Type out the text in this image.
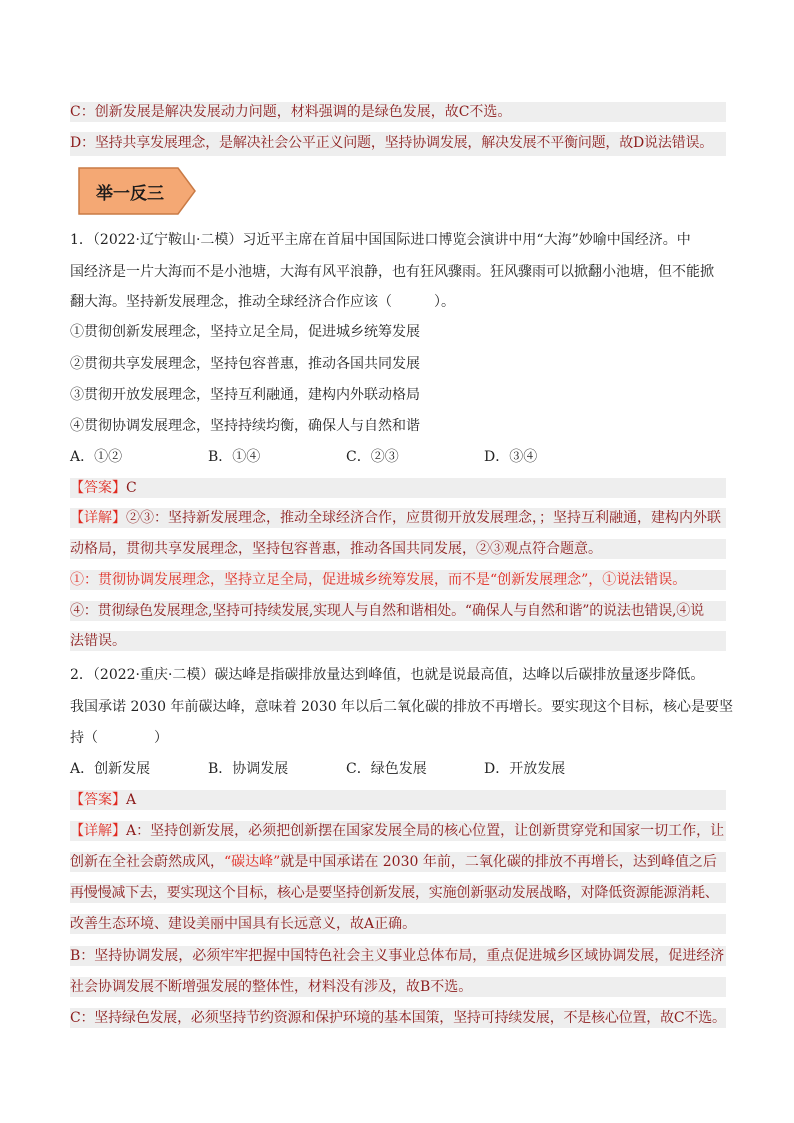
C：创新发展是解决发展动力问题，材料强调的是绿色发展，故C不选。
D：坚持共享发展理念，是解决社会公平正义问题，坚持协调发展，解决发展不平衡问题，故D说法错误。
举一反三
1．（2022·辽宁鞍山·二模）习近平主席在首届中国国际进口博览会演讲中用“大海”妙喻中国经济。中
国经济是一片大海而不是小池塘，大海有风平浪静，也有狂风骤雨。狂风骤雨可以掀翻小池塘，但不能掀
翻大海。坚持新发展理念，推动全球经济合作应该（　　　）。
①贯彻创新发展理念，坚持立足全局，促进城乡统筹发展
②贯彻共享发展理念，坚持包容普惠，推动各国共同发展
③贯彻开放发展理念，坚持互利融通，建构内外联动格局
④贯彻协调发展理念，坚持持续均衡，确保人与自然和谐
A．①②	B．①④	C．②③	D．③④
【答案】C
【详解】②③：坚持新发展理念，推动全球经济合作，应贯彻开放发展理念，；坚持互利融通，建构内外联
动格局，贯彻共享发展理念，坚持包容普惠，推动各国共同发展，②③观点符合题意。
①：贯彻协调发展理念，坚持立足全局，促进城乡统筹发展，而不是“创新发展理念”，①说法错误。
④：贯彻绿色发展理念,坚持可持续发展,实现人与自然和谐相处。“确保人与自然和谐”的说法也错误,④说
法错误。
2．（2022·重庆·二模）碳达峰是指碳排放量达到峰值，也就是说最高值，达峰以后碳排放量逐步降低。
我国承诺 2030 年前碳达峰，意味着 2030 年以后二氧化碳的排放不再增长。要实现这个目标，核心是要坚
持（　　　　）
A．创新发展	B．协调发展	C．绿色发展	D．开放发展
【答案】A
【详解】A：坚持创新发展，必须把创新摆在国家发展全局的核心位置，让创新贯穿党和国家一切工作，让
创新在全社会蔚然成风，“碳达峰”就是中国承诺在 2030 年前，二氧化碳的排放不再增长，达到峰值之后
再慢慢减下去，要实现这个目标，核心是要坚持创新发展，实施创新驱动发展战略，对降低资源能源消耗、
改善生态环境、建设美丽中国具有长远意义，故A正确。
B：坚持协调发展，必须牢牢把握中国特色社会主义事业总体布局，重点促进城乡区域协调发展，促进经济
社会协调发展不断增强发展的整体性，材料没有涉及，故B不选。
C：坚持绿色发展，必须坚持节约资源和保护环境的基本国策，坚持可持续发展，不是核心位置，故C不选。
